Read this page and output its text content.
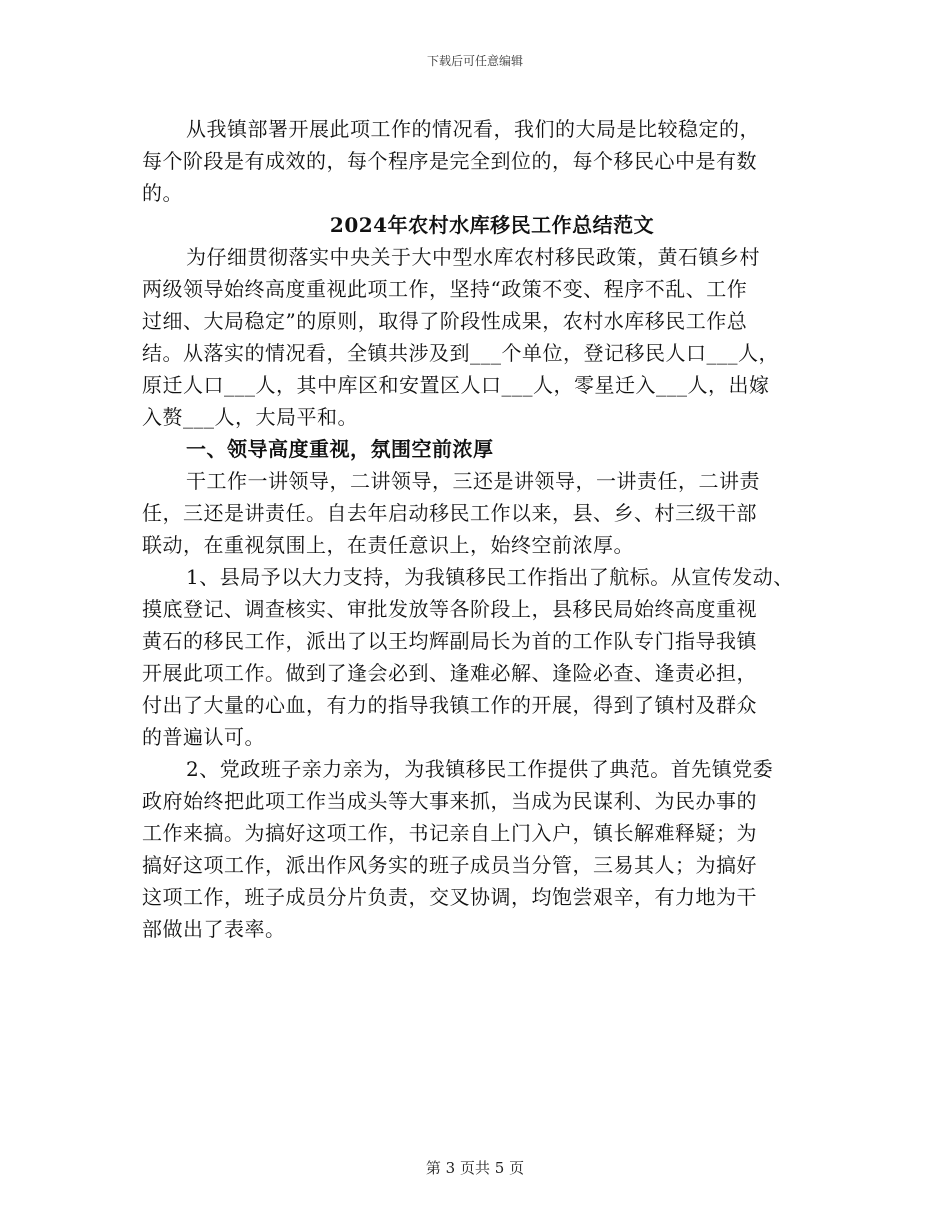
下载后可任意编辑
从我镇部署开展此项工作的情况看，我们的大局是比较稳定的，
每个阶段是有成效的，每个程序是完全到位的，每个移民心中是有数
的。
2024年农村水库移民工作总结范文
为仔细贯彻落实中央关于大中型水库农村移民政策，黄石镇乡村
两级领导始终高度重视此项工作，坚持“政策不变、程序不乱、工作
过细、大局稳定”的原则，取得了阶段性成果，农村水库移民工作总
结。从落实的情况看，全镇共涉及到___个单位，登记移民人口___人，
原迁人口___人，其中库区和安置区人口___人，零星迁入___人，出嫁
入赘___人，大局平和。
一、领导高度重视，氛围空前浓厚
干工作一讲领导，二讲领导，三还是讲领导，一讲责任，二讲责
任，三还是讲责任。自去年启动移民工作以来，县、乡、村三级干部
联动，在重视氛围上，在责任意识上，始终空前浓厚。
1、县局予以大力支持，为我镇移民工作指出了航标。从宣传发动、
摸底登记、调查核实、审批发放等各阶段上，县移民局始终高度重视
黄石的移民工作，派出了以王均辉副局长为首的工作队专门指导我镇
开展此项工作。做到了逢会必到、逢难必解、逢险必查、逢责必担，
付出了大量的心血，有力的指导我镇工作的开展，得到了镇村及群众
的普遍认可。
2、党政班子亲力亲为，为我镇移民工作提供了典范。首先镇党委
政府始终把此项工作当成头等大事来抓，当成为民谋利、为民办事的
工作来搞。为搞好这项工作，书记亲自上门入户，镇长解难释疑；为
搞好这项工作，派出作风务实的班子成员当分管，三易其人；为搞好
这项工作，班子成员分片负责，交叉协调，均饱尝艰辛，有力地为干
部做出了表率。
第 3 页共 5 页
